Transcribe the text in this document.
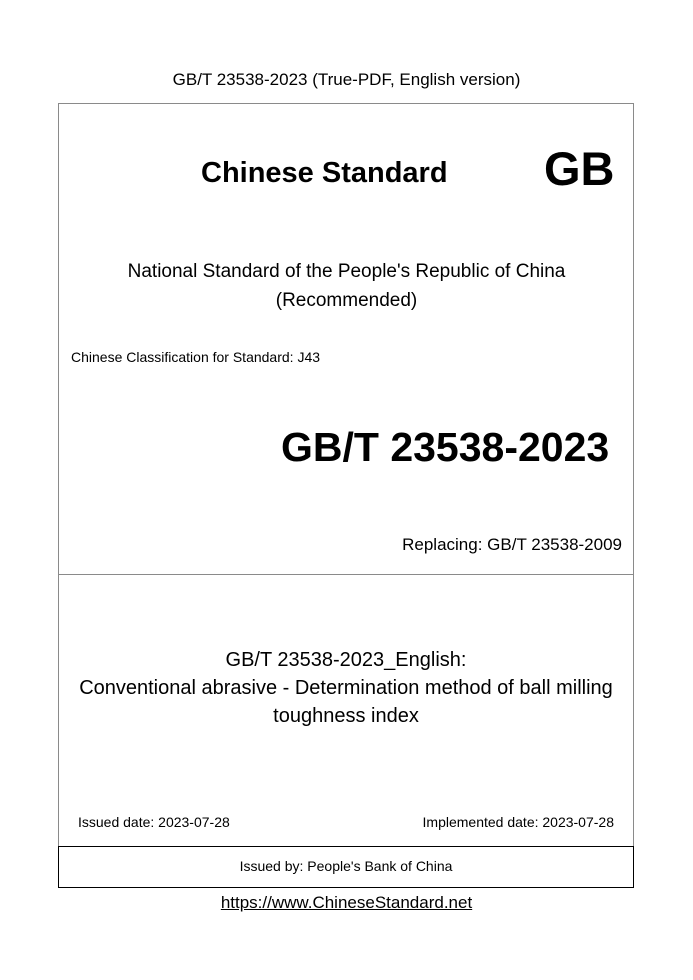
GB/T 23538-2023 (True-PDF, English version)
Chinese Standard GB
National Standard of the People's Republic of China
(Recommended)
Chinese Classification for Standard: J43
GB/T 23538-2023
Replacing: GB/T 23538-2009
GB/T 23538-2023_English:
Conventional abrasive - Determination method of ball milling
toughness index
Issued date: 2023-07-28	Implemented date: 2023-07-28
Issued by: People's Bank of China
https://www.ChineseStandard.net
